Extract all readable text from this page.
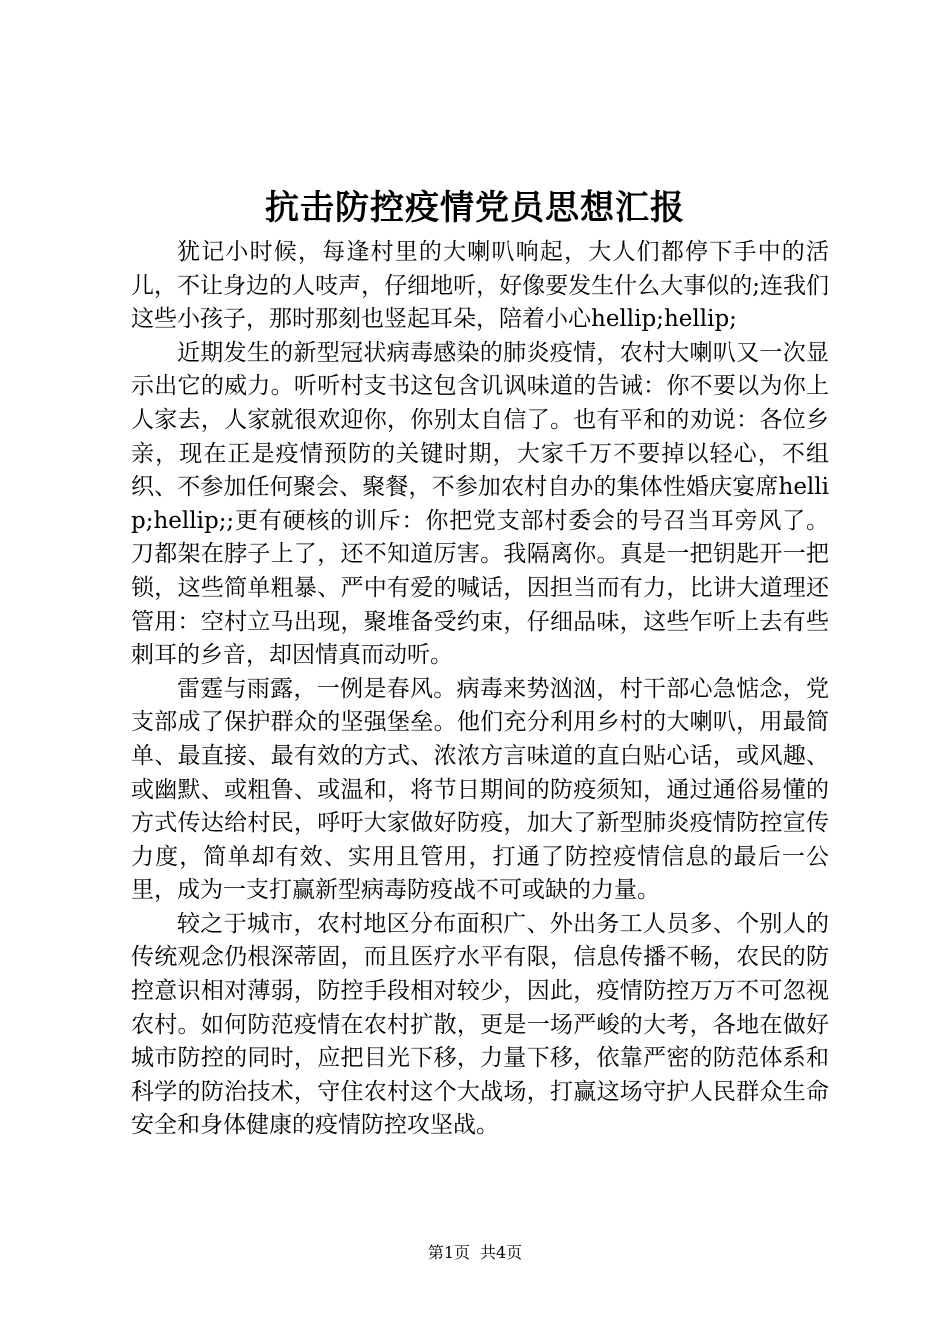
抗击防控疫情党员思想汇报

犹记小时候，每逢村里的大喇叭响起，大人们都停下手中的活儿，不让身边的人吱声，仔细地听，好像要发生什么大事似的;连我们这些小孩子，那时那刻也竖起耳朵，陪着小心hellip;hellip;

近期发生的新型冠状病毒感染的肺炎疫情，农村大喇叭又一次显示出它的威力。听听村支书这包含讥讽味道的告诫：你不要以为你上人家去，人家就很欢迎你，你别太自信了。也有平和的劝说：各位乡亲，现在正是疫情预防的关键时期，大家千万不要掉以轻心，不组织、不参加任何聚会、聚餐，不参加农村自办的集体性婚庆宴席hellip;hellip;;更有硬核的训斥：你把党支部村委会的号召当耳旁风了。刀都架在脖子上了，还不知道厉害。我隔离你。真是一把钥匙开一把锁，这些简单粗暴、严中有爱的喊话，因担当而有力，比讲大道理还管用：空村立马出现，聚堆备受约束，仔细品味，这些乍听上去有些刺耳的乡音，却因情真而动听。

雷霆与雨露，一例是春风。病毒来势汹汹，村干部心急惦念，党支部成了保护群众的坚强堡垒。他们充分利用乡村的大喇叭，用最简单、最直接、最有效的方式、浓浓方言味道的直白贴心话，或风趣、或幽默、或粗鲁、或温和，将节日期间的防疫须知，通过通俗易懂的方式传达给村民，呼吁大家做好防疫，加大了新型肺炎疫情防控宣传力度，简单却有效、实用且管用，打通了防控疫情信息的最后一公里，成为一支打赢新型病毒防疫战不可或缺的力量。

较之于城市，农村地区分布面积广、外出务工人员多、个别人的传统观念仍根深蒂固，而且医疗水平有限，信息传播不畅，农民的防控意识相对薄弱，防控手段相对较少，因此，疫情防控万万不可忽视农村。如何防范疫情在农村扩散，更是一场严峻的大考，各地在做好城市防控的同时，应把目光下移，力量下移，依靠严密的防范体系和科学的防治技术，守住农村这个大战场，打赢这场守护人民群众生命安全和身体健康的疫情防控攻坚战。

第1页 共4页
